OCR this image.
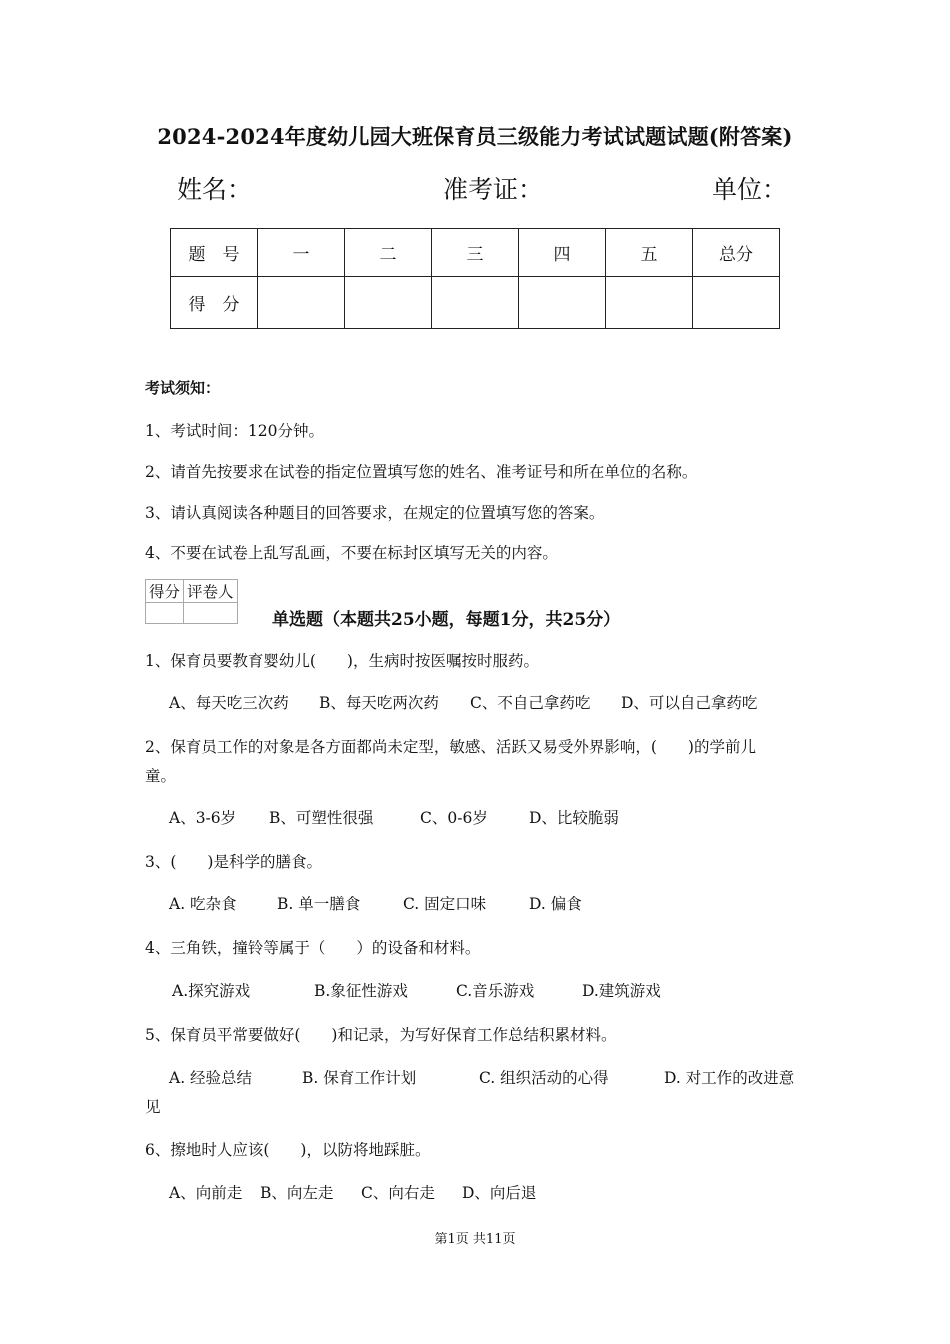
2024-2024年度幼儿园大班保育员三级能力考试试题试题(附答案)
姓名：	准考证：	单位：
题　号	一	二	三	四	五	总分
得　分						
考试须知：
1、考试时间：120分钟。
2、请首先按要求在试卷的指定位置填写您的姓名、准考证号和所在单位的名称。
3、请认真阅读各种题目的回答要求，在规定的位置填写您的答案。
4、不要在试卷上乱写乱画，不要在标封区填写无关的内容。
得分	评卷人

单选题（本题共25小题，每题1分，共25分）
1、保育员要教育婴幼儿(　　)，生病时按医嘱按时服药。
A、每天吃三次药 B、每天吃两次药 C、不自己拿药吃 D、可以自己拿药吃
2、保育员工作的对象是各方面都尚未定型，敏感、活跃又易受外界影响，(　　)的学前儿
童。
A、3-6岁 B、可塑性很强	C、0-6岁	D、比较脆弱
3、(　　)是科学的膳食。
A. 吃杂食	B. 单一膳食	C. 固定口味	D. 偏食
4、三角铁，撞铃等属于（　　）的设备和材料。
A.探究游戏	B.象征性游戏	C.音乐游戏	D.建筑游戏
5、保育员平常要做好(　　)和记录，为写好保育工作总结积累材料。
A. 经验总结	B. 保育工作计划	C. 组织活动的心得	D. 对工作的改进意
见
6、擦地时人应该(　　)，以防将地踩脏。
A、向前走 B、向左走 C、向右走 D、向后退
第1页 共11页
